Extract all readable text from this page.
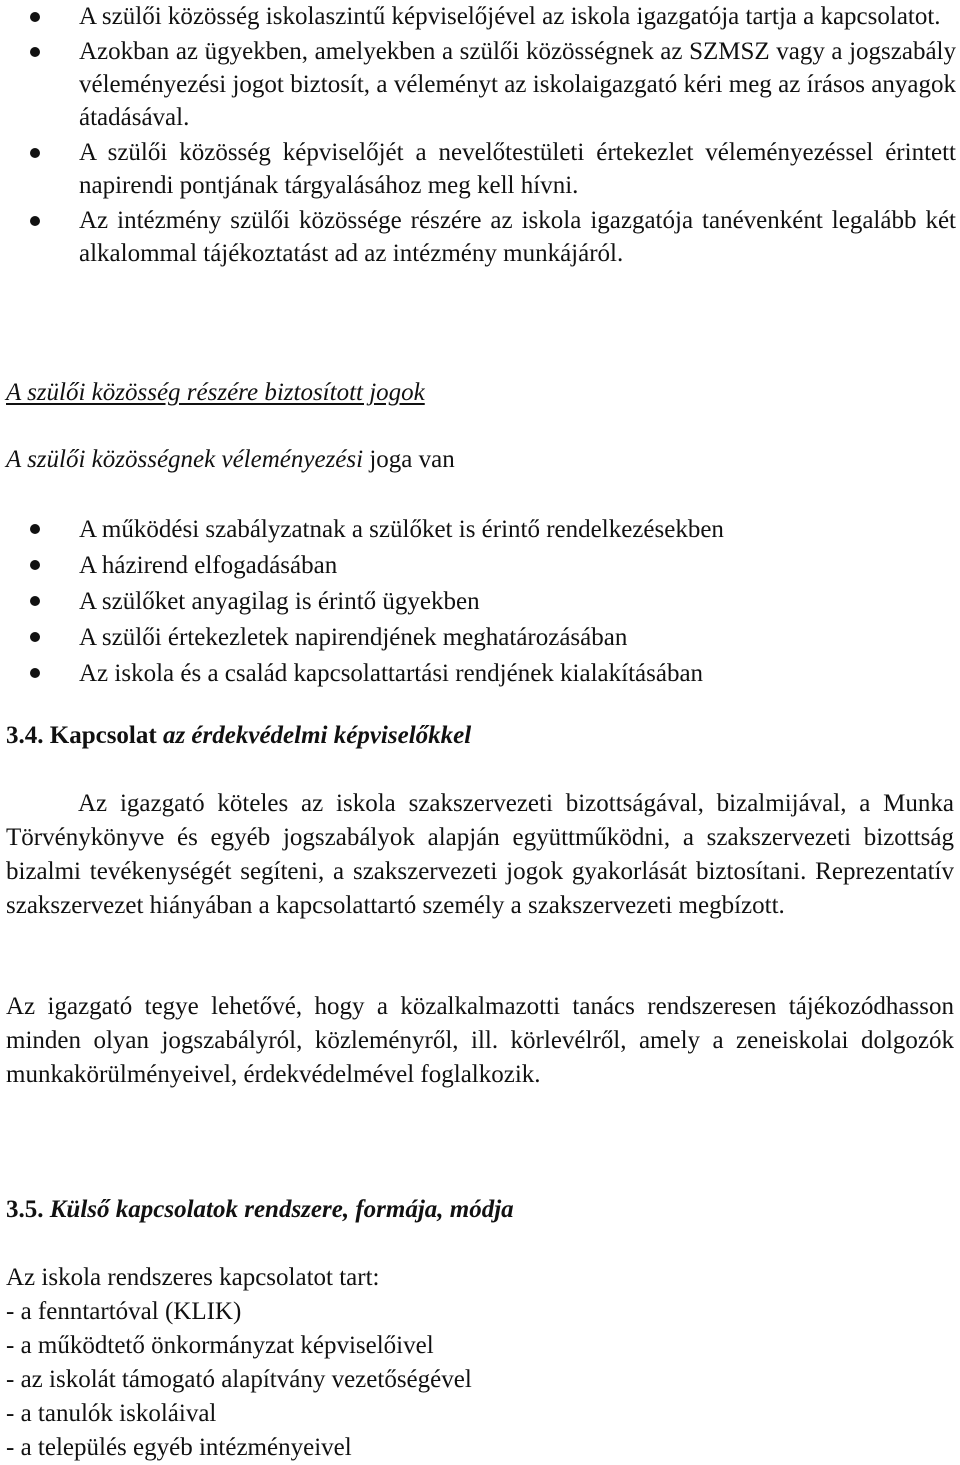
A szülői közösség iskolaszintű képviselőjével az iskola igazgatója tartja a kapcsolatot.
Azokban az ügyekben, amelyekben a szülői közösségnek az SZMSZ vagy a jogszabály véleményezési jogot biztosít, a véleményt az iskolaigazgató kéri meg az írásos anyagok átadásával.
A szülői közösség képviselőjét a nevelőtestületi értekezlet véleményezéssel érintett napirendi pontjának tárgyalásához meg kell hívni.
Az intézmény szülői közössége részére az iskola igazgatója tanévenként legalább két alkalommal tájékoztatást ad az intézmény munkájáról.
A szülői közösség részére biztosított jogok
A szülői közösségnek véleményezési joga van
A működési szabályzatnak a szülőket is érintő rendelkezésekben
A házirend elfogadásában
A szülőket anyagilag is érintő ügyekben
A szülői értekezletek napirendjének meghatározásában
Az iskola és a család kapcsolattartási rendjének kialakításában
3.4. Kapcsolat az érdekvédelmi képviselőkkel
Az igazgató köteles az iskola szakszervezeti bizottságával, bizalmijával, a Munka Törvénykönyve és egyéb jogszabályok alapján együttműködni, a szakszervezeti bizottság bizalmi tevékenységét segíteni, a szakszervezeti jogok gyakorlását biztosítani. Reprezentatív szakszervezet hiányában a kapcsolattartó személy a szakszervezeti megbízott.
Az igazgató tegye lehetővé, hogy a közalkalmazotti tanács rendszeresen tájékozódhasson minden olyan jogszabályról, közleményről, ill. körlevélről, amely a zeneiskolai dolgozók munkakörülményeivel, érdekvédelmével foglalkozik.
3.5. Külső kapcsolatok rendszere, formája, módja
Az iskola rendszeres kapcsolatot tart:
- a fenntartóval (KLIK)
- a működtető önkormányzat képviselőivel
- az iskolát támogató alapítvány vezetőségével
- a tanulók iskoláival
- a település egyéb intézményeivel
